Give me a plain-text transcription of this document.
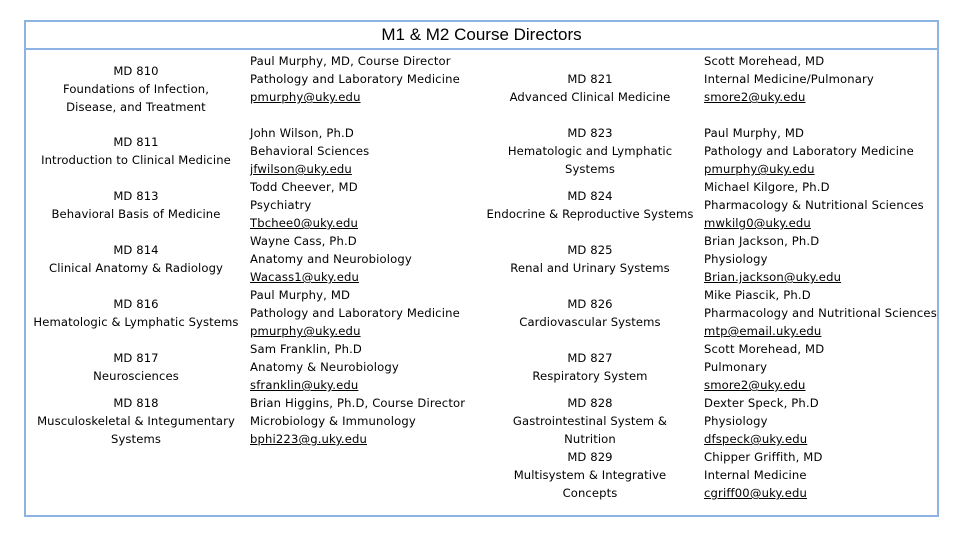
M1 & M2 Course Directors
MD 810
Foundations of Infection,
Disease, and Treatment
MD 811
Introduction to Clinical Medicine
MD 813
Behavioral Basis of Medicine
MD 814
Clinical Anatomy & Radiology
MD 816
Hematologic & Lymphatic Systems
MD 817
Neurosciences
MD 818
Musculoskeletal & Integumentary
Systems
Paul Murphy, MD, Course Director
Pathology and Laboratory Medicine
pmurphy@uky.edu
John Wilson, Ph.D
Behavioral Sciences
jfwilson@uky.edu
Todd Cheever, MD
Psychiatry
Tbchee0@uky.edu
Wayne Cass, Ph.D
Anatomy and Neurobiology
Wacass1@uky.edu
Paul Murphy, MD
Pathology and Laboratory Medicine
pmurphy@uky.edu
Sam Franklin, Ph.D
Anatomy & Neurobiology
sfranklin@uky.edu
Brian Higgins, Ph.D, Course Director
Microbiology & Immunology
bphi223@g.uky.edu
MD 821
Advanced Clinical Medicine
MD 823
Hematologic and Lymphatic
Systems
MD 824
Endocrine & Reproductive Systems
MD 825
Renal and Urinary Systems
MD 826
Cardiovascular Systems
MD 827
Respiratory System
MD 828
Gastrointestinal System &
Nutrition
MD 829
Multisystem & Integrative
Concepts
Scott Morehead, MD
Internal Medicine/Pulmonary
smore2@uky.edu
Paul Murphy, MD
Pathology and Laboratory Medicine
pmurphy@uky.edu
Michael Kilgore, Ph.D
Pharmacology & Nutritional Sciences
mwkilg0@uky.edu
Brian Jackson, Ph.D
Physiology
Brian.jackson@uky.edu
Mike Piascik, Ph.D
Pharmacology and Nutritional Sciences
mtp@email.uky.edu
Scott Morehead, MD
Pulmonary
smore2@uky.edu
Dexter Speck, Ph.D
Physiology
dfspeck@uky.edu
Chipper Griffith, MD
Internal Medicine
cgriff00@uky.edu
